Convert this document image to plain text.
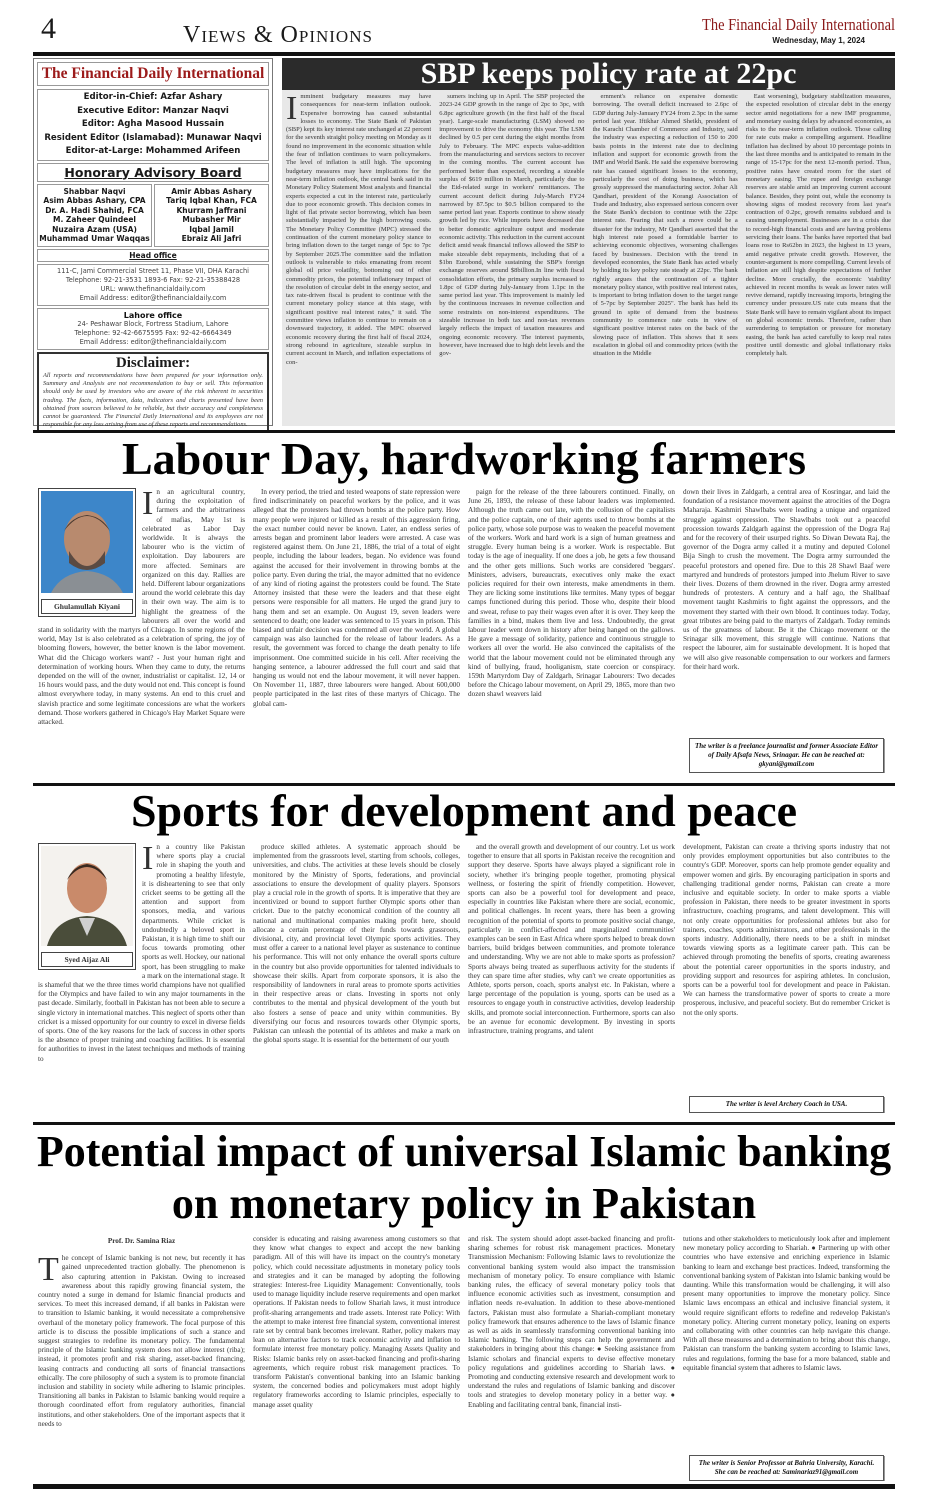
4	Views & Opinions	The Financial Daily International
Wednesday, May 1, 2024
The Financial Daily International
Editor-in-Chief: Azfar Ashary
Executive Editor: Manzar Naqvi
Editor: Agha Masood Hussain
Resident Editor (Islamabad): Munawar Naqvi
Editor-at-Large: Mohammed Arifeen
Honorary Advisory Board
Shabbar Naqvi
Asim Abbas Ashary, CPA
Dr. A. Hadi Shahid, FCA
M. Zaheer Quindeel
Nuzaira Azam (USA)
Muhammad Umar Waqqas
Amir Abbas Ashary
Tariq Iqbal Khan, FCA
Khurram Jaffrani
Mubasher Mir
Iqbal Jamil
Ebraiz Ali Jafri
Head office
111-C, Jami Commercial Street 11, Phase VII, DHA Karachi
Telephone: 92-21-3531 1893-6 Fax: 92-21-35388428
URL: www.thefinancialdaily.com
Email Address: editor@thefinancialdaily.com
Lahore office
24- Peshawar Block, Fortress Stadium, Lahore
Telephone: 92-42-6675595 Fax: 92-42-6664349
Email Address: editor@thefinancialdaily.com
Disclaimer:
All reports and recommendations have been prepared for your information only. Summary and Analysis are not recommendation to buy or sell. This information should only be used by investors who are aware of the risk inherent in securities trading. The facts, information, data, indicators and charts presented have been obtained from sources believed to be reliable, but their accuracy and completeness cannot be guaranteed. The Financial Daily International and its employees are not responsible for any loss arising from use of these reports and recommendations.
SBP keeps policy rate at 22pc
Imminent budgetary measures may have consequences for near-term inflation outlook. Expensive borrowing has caused substantial losses to economy. The State Bank of Pakistan (SBP) kept its key interest rate unchanged at 22 percent for the seventh straight policy meeting on Monday as it found no improvement in the economic situation while the fear of inflation continues to warn policymakers. The level of inflation is still high. The upcoming budgetary measures may have implications for the near-term inflation outlook, the central bank said in its Monetary Policy Statement Most analysts and financial experts expected a cut in the interest rate, particularly due to poor economic growth. This decision comes in light of flat private sector borrowing, which has been substantially impacted by the high borrowing costs. The Monetary Policy Committee (MPC) stressed the continuation of the current monetary policy stance to bring inflation down to the target range of 5pc to 7pc by September 2025.The committee said the inflation outlook is vulnerable to risks emanating from recent global oil price volatility, bottoming out of other commodity prices, the potential inflationary impact of the resolution of circular debt in the energy sector, and tax rate-driven fiscal is prudent to continue with the current monetary policy stance at this stage, with significant positive real interest rates," it said. The committee views inflation to continue to remain on a downward trajectory, it added. The MPC observed economic recovery during the first half of fiscal 2024, strong rebound in agriculture, sizeable surplus in current account in March, and inflation expectations of con-
sumers inching up in April. The SBP projected the 2023-24 GDP growth in the range of 2pc to 3pc, with 6.8pc agriculture growth (in the first half of the fiscal year). Large-scale manufacturing (LSM) showed no improvement to drive the economy this year. The LSM declined by 0.5 per cent during the eight months from July to February. The MPC expects value-addition from the manufacturing and services sectors to recover in the coming months. The current account has performed better than expected, recording a sizeable surplus of $619 million in March, particularly due to the Eid-related surge in workers' remittances. The current account deficit during July-March FY24 narrowed by 87.5pc to $0.5 billion compared to the same period last year. Exports continue to show steady growth led by rice. While imports have decreased due to better domestic agriculture output and moderate economic activity. This reduction in the current account deficit amid weak financial inflows allowed the SBP to make sizeable debt repayments, including that of a $1bn Eurobond, while sustaining the SBP's foreign exchange reserves around $8billion.In line with fiscal consolidation efforts, the primary surplus increased to 1.8pc of GDP during July-January from 1.1pc in the same period last year. This improvement is mainly led by the continuous increases in revenue collection and some restraints on non-interest expenditures. The sizeable increase in both tax and non-tax revenues largely reflects the impact of taxation measures and ongoing economic recovery. The interest payments, however, have increased due to high debt levels and the gov-
ernment's reliance on expensive domestic borrowing. The overall deficit increased to 2.6pc of GDP during July-January FY24 from 2.3pc in the same period last year. Iftikhar Ahmed Sheikh, president of the Karachi Chamber of Commerce and Industry, said the industry was expecting a reduction of 150 to 200 basis points in the interest rate due to declining inflation and support for economic growth from the IMF and World Bank. He said the expensive borrowing rate has caused significant losses to the economy, particularly the cost of doing business, which has grossly suppressed the manufacturing sector. Johar Ali Qandhari, president of the Korangi Association of Trade and Industry, also expressed serious concern over the State Bank's decision to continue with the 22pc interest rate. Fearing that such a move could be a disaster for the industry, Mr Qandhari asserted that the high interest rate posed a formidable barrier to achieving economic objectives, worsening challenges faced by businesses. Decision with the trend in developed economies, the State Bank has acted wisely by holding its key policy rate steady at 22pc. The bank rightly argues that the continuation of a tighter monetary policy stance, with positive real interest rates, is important to bring inflation down to the target range of 5-7pc by September 2025". The bank has held its ground in spite of demand from the business community to commence rate cuts in view of significant positive interest rates on the back of the slowing pace of inflation. This shows that it sees escalation in global oil and commodity prices (with the situation in the Middle
East worsening), budgetary stabilization measures, the expected resolution of circular debt in the energy sector amid negotiations for a new IMF programme, and monetary easing delays by advanced economies, as risks to the near-term inflation outlook. Those calling for rate cuts make a compelling argument. Headline inflation has declined by about 10 percentage points in the last three months and is anticipated to remain in the range of 15-17pc for the next 12-month period. Thus, positive rates have created room for the start of monetary easing. The rupee and foreign exchange reserves are stable amid an improving current account balance. Besides, they point out, while the economy is showing signs of modest recovery from last year's contraction of 0.2pc, growth remains subdued and is causing unemployment. Businesses are in a crisis due to record-high financial costs and are having problems servicing their loans. The banks have reported that bad loans rose to Rs62bn in 2023, the highest in 13 years, amid negative private credit growth. However, the counter-argument is more compelling. Current levels of inflation are still high despite expectations of further decline. More crucially, the economic 'stability' achieved in recent months is weak as lower rates will revive demand, rapidly increasing imports, bringing the currency under pressure.US rate cuts means that the State Bank will have to remain vigilant about its impact on global economic trends. Therefore, rather than surrendering to temptation or pressure for monetary easing, the bank has acted carefully to keep real rates positive until domestic and global inflationary risks completely halt.
Labour Day, hardworking farmers
Ghulamullah Kiyani
I n an agricultural country, during the exploitation of farmers and the arbitrariness of mafias, May 1st is celebrated as Labor Day worldwide. It is always the labourer who is the victim of exploitation. Day labourers are more affected. Seminars are organized on this day. Rallies are held. Different labour organizations around the world celebrate this day in their own way. The aim is to highlight the greatness of the labourers all over the world and stand in solidarity with the martyrs of Chicago. In some regions of the world, May 1st is also celebrated as a celebration of spring, the joy of blooming flowers, however, the better known is the labor movement. What did the Chicago workers want? - Just your human right and determination of working hours. When they came to duty, the returns depended on the will of the owner, industrialist or capitalist. 12, 14 or 16 hours would pass, and the duty would not end. This concept is found almost everywhere today, in many systems. An end to this cruel and slavish practice and some legitimate concessions are what the workers demand. Those workers gathered in Chicago's Hay Market Square were attacked.
In every period, the tried and tested weapons of state repression were fired indiscriminately on peaceful workers by the police, and it was alleged that the protesters had thrown bombs at the police party. How many people were injured or killed as a result of this aggression firing, the exact number could never be known. Later, an endless series of arrests began and prominent labor leaders were arrested. A case was registered against them. On June 21, 1886, the trial of a total of eight people, including the labour leaders, began. No evidence was found against the accused for their involvement in throwing bombs at the police party. Even during the trial, the mayor admitted that no evidence of any kind of rioting against the protesters could be found. The State Attorney insisted that these were the leaders and that these eight persons were responsible for all matters. He urged the grand jury to hang them and set an example. On August 19, seven leaders were sentenced to death; one leader was sentenced to 15 years in prison. This biased and unfair decision was condemned all over the world. A global campaign was also launched for the release of labour leaders. As a result, the government was forced to change the death penalty to life imprisonment. One committed suicide in his cell. After receiving the hanging sentence, a labourer addressed the full court and said that hanging us would not end the labour movement, it will never happen. On November 11, 1887, three labourers were hanged. About 600,000 people participated in the last rites of these martyrs of Chicago. The global cam-
paign for the release of the three labourers continued. Finally, on June 26, 1893, the release of these labour leaders was implemented. Although the truth came out late, with the collusion of the capitalists and the police captain, one of their agents used to throw bombs at the police party, whose sole purpose was to weaken the peaceful movement of the workers. Work and hard work is a sign of human greatness and struggle. Every human being is a worker. Work is respectable. But today is the age of inequality. If one does a job, he gets a few thousand and the other gets millions. Such works are considered 'beggars'. Ministers, advisers, bureaucrats, executives only make the exact policies required for their own interests, make amendments in them. They are licking some institutions like termites. Many types of beggar camps functioned during this period. Those who, despite their blood and sweat, refuse to pay their wages even after it is over. They keep the families in a bind, makes them live and less. Undoubtedly, the great labour leader went down in history after being hanged on the gallows. He gave a message of solidarity, patience and continuous struggle to workers all over the world. He also convinced the capitalists of the world that the labour movement could not be eliminated through any kind of bullying, fraud, hooliganism, state coercion or conspiracy. 159th Martyrdom Day of Zaldgarh, Srinagar Labourers: Two decades before the Chicago labour movement, on April 29, 1865, more than two dozen shawl weavers laid
down their lives in Zaldgarh, a central area of Kosringar, and laid the foundation of a resistance movement against the atrocities of the Dogra Maharaja. Kashmiri Shawlbabs were leading a unique and organized struggle against oppression. The Shawlbabs took out a peaceful procession towards Zaldgarh against the oppression of the Dogra Raj and for the recovery of their usurped rights. So Diwan Dewata Raj, the governor of the Dogra army called it a mutiny and deputed Colonel Bija Singh to crush the movement. The Dogra army surrounded the peaceful protestors and opened fire. Due to this 28 Shawl Baaf were martyred and hundreds of protestors jumped into Jhelum River to save their lives. Dozens of them drowned in the river. Dogra army arrested hundreds of protesters. A century and a half ago, the Shallbaaf movement taught Kashmiris to fight against the oppressors, and the movement they started with their own blood. It continues today. Today, great tributes are being paid to the martyrs of Zaldgarh. Today reminds us of the greatness of labour. Be it the Chicago movement or the Srinagar silk movement, this struggle will continue. Nations that respect the labourer, aim for sustainable development. It is hoped that we will also give reasonable compensation to our workers and farmers for their hard work.
The writer is a freelance journalist and former Associate Editor of Daily Afsafa News, Srinagar. He can be reached at: gkyani@gmail.com
Sports for development and peace
Syed Aijaz Ali
I n a country like Pakistan where sports play a crucial role in shaping the youth and promoting a healthy lifestyle, it is disheartening to see that only cricket seems to be getting all the attention and support from sponsors, media, and various departments. While cricket is undoubtedly a beloved sport in Pakistan, it is high time to shift our focus towards promoting other sports as well. Hockey, our national sport, has been struggling to make a mark on the international stage. It is shameful that we the three times world champions have not qualified for the Olympics and have failed to win any major tournaments in the past decade. Similarly, football in Pakistan has not been able to secure a single victory in international matches. This neglect of sports other than cricket is a missed opportunity for our country to excel in diverse fields of sports. One of the key reasons for the lack of success in other sports is the absence of proper training and coaching facilities. It is essential for authorities to invest in the latest techniques and methods of training to
produce skilled athletes. A systematic approach should be implemented from the grassroots level, starting from schools, colleges, universities, and clubs. The activities at these levels should be closely monitored by the Ministry of Sports, federations, and provincial associations to ensure the development of quality players. Sponsors play a crucial role in the growth of sports. It is imperative that they are incentivized or bound to support further Olympic sports other than cricket. Due to the patchy economical condition of the country all national and multinational companies making profit here, should allocate a certain percentage of their funds towards grassroots, divisional, city, and provincial level Olympic sports activities. They must offer a career to a national level player as sustenance to continue his performance. This will not only enhance the overall sports culture in the country but also provide opportunities for talented individuals to showcase their skills. Apart from corporate sponsors, it is also the responsibility of landowners in rural areas to promote sports activities in their respective areas or clans. Investing in sports not only contributes to the mental and physical development of the youth but also fosters a sense of peace and unity within communities. By diversifying our focus and resources towards other Olympic sports, Pakistan can unleash the potential of its athletes and make a mark on the global sports stage. It is essential for the betterment of our youth
and the overall growth and development of our country. Let us work together to ensure that all sports in Pakistan receive the recognition and support they deserve. Sports have always played a significant role in society, whether it's bringing people together, promoting physical wellness, or fostering the spirit of friendly competition. However, sports can also be a powerful tool for development and peace, especially in countries like Pakistan where there are social, economic, and political challenges. In recent years, there has been a growing recognition of the potential of sports to promote positive social change, particularly in conflict-affected and marginalized communities' examples can be seen in East Africa where sports helped to break down barriers, build bridges between communities, and promote tolerance and understanding. Why we are not able to make sports as profession? Sports always being treated as superfluous activity for the students if they can spare time after studies, why can't we create opportunities as Athlete, sports person, coach, sports analyst etc. In Pakistan, where a large percentage of the population is young, sports can be used as a resources to engage youth in constructive activities, develop leadership skills, and promote social interconnection. Furthermore, sports can also be an avenue for economic development. By investing in sports infrastructure, training programs, and talent
development, Pakistan can create a thriving sports industry that not only provides employment opportunities but also contributes to the country's GDP. Moreover, sports can help promote gender equality and empower women and girls. By encouraging participation in sports and challenging traditional gender norms, Pakistan can create a more inclusive and equitable society. In order to make sports a viable profession in Pakistan, there needs to be greater investment in sports infrastructure, coaching programs, and talent development. This will not only create opportunities for professional athletes but also for trainers, coaches, sports administrators, and other professionals in the sports industry. Additionally, there needs to be a shift in mindset towards viewing sports as a legitimate career path. This can be achieved through promoting the benefits of sports, creating awareness about the potential career opportunities in the sports industry, and providing support and resources for aspiring athletes. In conclusion, sports can be a powerful tool for development and peace in Pakistan. We can harness the transformative power of sports to create a more prosperous, inclusive, and peaceful society. But do remember Cricket is not the only sports.
The writer is level Archery Coach in USA.
Potential impact of universal Islamic banking
on monetary policy in Pakistan
Prof. Dr. Samina Riaz
T he concept of Islamic banking is not new, but recently it has gained unprecedented traction globally. The phenomenon is also capturing attention in Pakistan. Owing to increased awareness about this rapidly growing financial system, the country noted a surge in demand for Islamic financial products and services. To meet this increased demand, if all banks in Pakistan were to transition to Islamic banking, it would necessitate a comprehensive overhaul of the monetary policy framework. The focal purpose of this article is to discuss the possible implications of such a stance and suggest strategies to redefine its monetary policy. The fundamental principle of the Islamic banking system does not allow interest (riba); instead, it promotes profit and risk sharing, asset-backed financing, leasing contracts and conducting all sorts of financial transactions ethically. The core philosophy of such a system is to promote financial inclusion and stability in society while adhering to Islamic principles. Transitioning all banks in Pakistan to Islamic banking would require a thorough coordinated effort from regulatory authorities, financial institutions, and other stakeholders. One of the important aspects that it needs to
consider is educating and raising awareness among customers so that they know what changes to expect and accept the new banking paradigm. All of this will have its impact on the country's monetary policy, which could necessitate adjustments in monetary policy tools and strategies and it can be managed by adopting the following strategies: Interest-free Liquidity Management: Conventionally, tools used to manage liquidity include reserve requirements and open market operations. If Pakistan needs to follow Shariah laws, it must introduce profit-sharing arrangements and trade assets. Interest rate Policy: With the attempt to make interest free financial system, conventional interest rate set by central bank becomes irrelevant. Rather, policy makers may lean on alternative factors to track economic activity and inflation to formulate interest free monetary policy. Managing Assets Quality and Risks: Islamic banks rely on asset-backed financing and profit-sharing agreements, which require robust risk management practices. To transform Pakistan's conventional banking into an Islamic banking system, the concerned bodies and policymakers must adopt highly regulatory frameworks according to Islamic principles, especially to manage asset quality
and risk. The system should adopt asset-backed financing and profit-sharing schemes for robust risk management practices. Monetary Transmission Mechanism: Following Islamic laws to revolutionize the conventional banking system would also impact the transmission mechanism of monetary policy. To ensure compliance with Islamic banking rules, the efficacy of several monetary policy tools that influence economic activities such as investment, consumption and inflation needs re-evaluation. In addition to these above-mentioned factors, Pakistan must also formulate a Shariah-compliant monetary policy framework that ensures adherence to the laws of Islamic finance as well as aids in seamlessly transforming conventional banking into Islamic banking. The following steps can help the government and stakeholders in bringing about this change: ● Seeking assistance from Islamic scholars and financial experts to devise effective monetary policy regulations and guidelines according to Shariah laws. ● Promoting and conducting extensive research and development work to understand the rules and regulations of Islamic banking and discover tools and strategies to develop monetary policy in a better way. ● Enabling and facilitating central bank, financial insti-
tutions and other stakeholders to meticulously look after and implement new monetary policy according to Shariah. ● Partnering up with other countries who have extensive and enriching experience in Islamic banking to learn and exchange best practices. Indeed, transforming the conventional banking system of Pakistan into Islamic banking would be daunting. While this transformation would be challenging, it will also present many opportunities to improve the monetary policy. Since Islamic laws encompass an ethical and inclusive financial system, it would require significant efforts to redefine and redevelop Pakistan's monetary policy. Altering current monetary policy, leaning on experts and collaborating with other countries can help navigate this change. With all these measures and a determination to bring about this change, Pakistan can transform the banking system according to Islamic laws, rules and regulations, forming the base for a more balanced, stable and equitable financial system that adheres to Islamic laws.
The writer is Senior Professor at Bahria University, Karachi. She can be reached at: Saminariaz91@gmail.com
